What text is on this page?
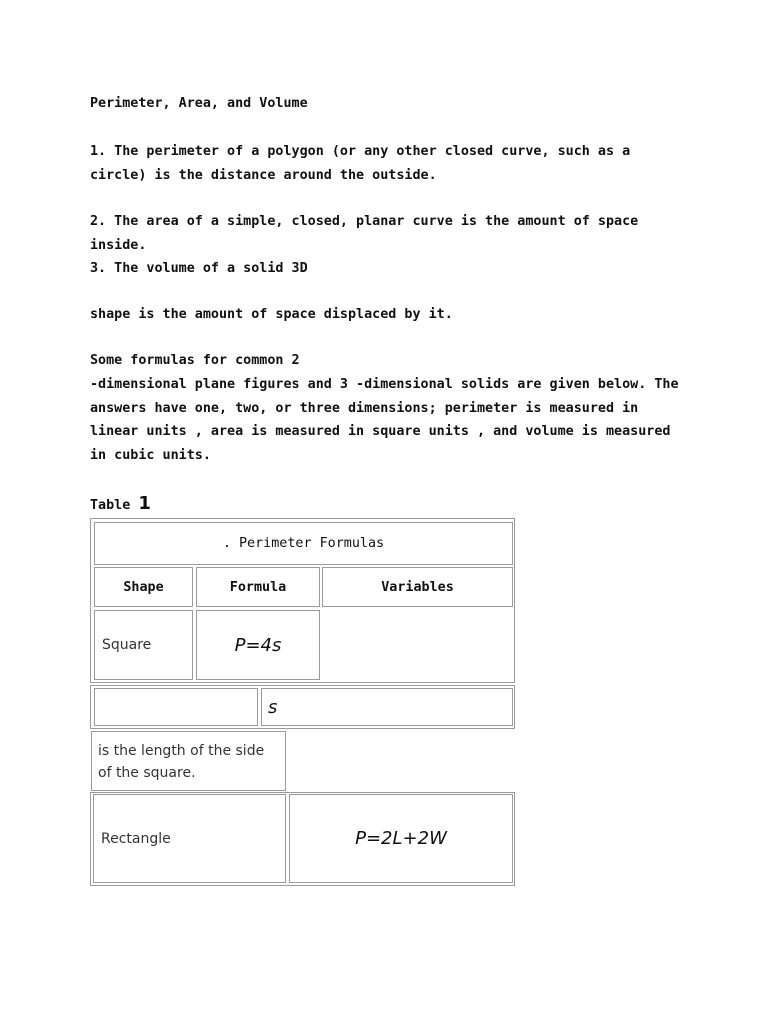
Perimeter, Area, and Volume
1. The perimeter of a polygon (or any other closed curve, such as a circle) is the distance around the outside.
2. The area of a simple, closed, planar curve is the amount of space inside.
3. The volume of a solid 3D
shape is the amount of space displaced by it.
Some formulas for common 2
-dimensional plane figures and 3 -dimensional solids are given below. The answers have one, two, or three dimensions; perimeter is measured in linear units , area is measured in square units , and volume is measured in cubic units.
Table 1
. Perimeter Formulas
Shape	Formula	Variables
Square	P=4s
s
is the length of the side of the square.
Rectangle	P=2L+2W
